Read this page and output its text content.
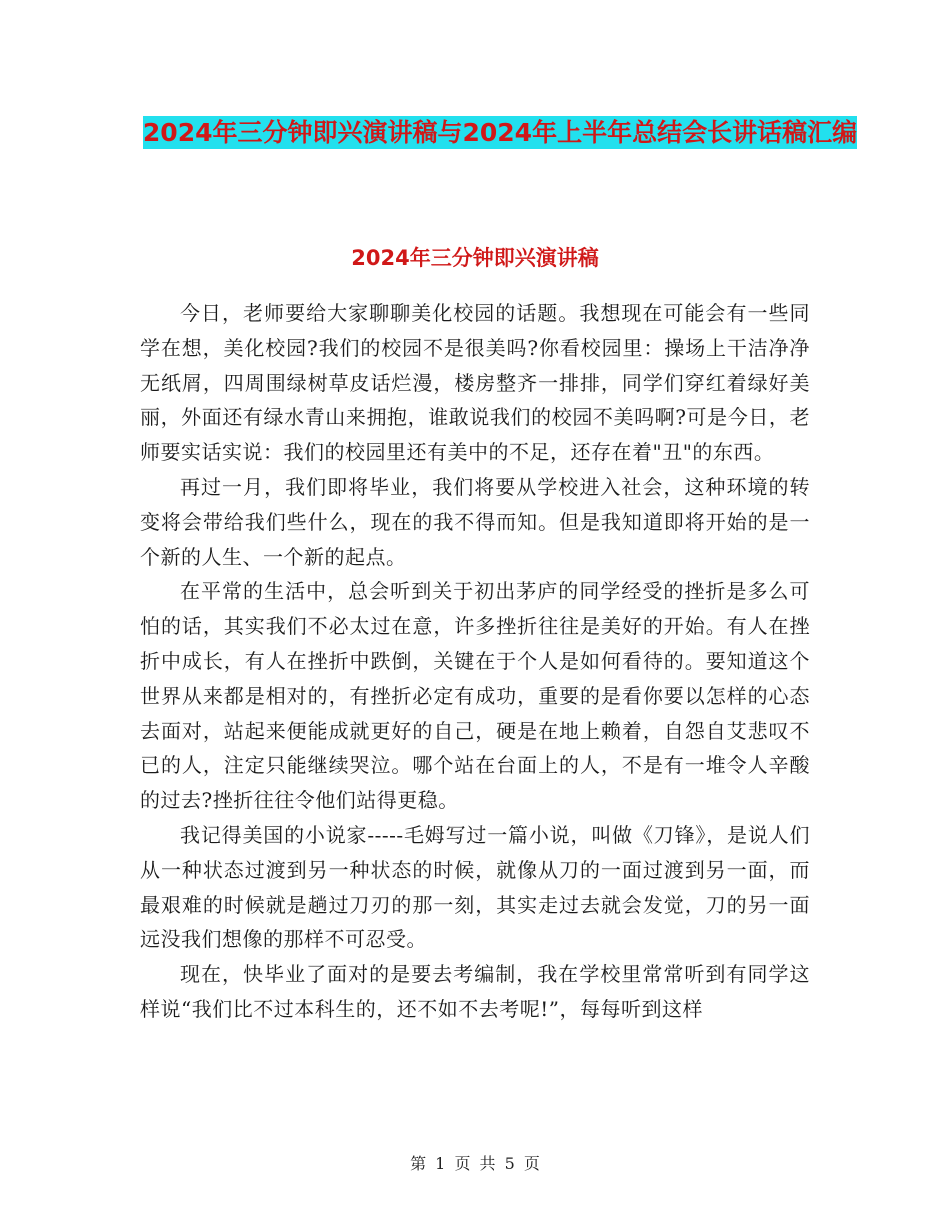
2024年三分钟即兴演讲稿与2024年上半年总结会长讲话稿汇编
2024年三分钟即兴演讲稿

今日，老师要给大家聊聊美化校园的话题。我想现在可能会有一些同学在想，美化校园?我们的校园不是很美吗?你看校园里：操场上干洁净净无纸屑，四周围绿树草皮话烂漫，楼房整齐一排排，同学们穿红着绿好美丽，外面还有绿水青山来拥抱，谁敢说我们的校园不美吗啊?可是今日，老师要实话实说：我们的校园里还有美中的不足，还存在着"丑"的东西。

再过一月，我们即将毕业，我们将要从学校进入社会，这种环境的转变将会带给我们些什么，现在的我不得而知。但是我知道即将开始的是一个新的人生、一个新的起点。

在平常的生活中，总会听到关于初出茅庐的同学经受的挫折是多么可怕的话，其实我们不必太过在意，许多挫折往往是美好的开始。有人在挫折中成长，有人在挫折中跌倒，关键在于个人是如何看待的。要知道这个世界从来都是相对的，有挫折必定有成功，重要的是看你要以怎样的心态去面对，站起来便能成就更好的自己，硬是在地上赖着，自怨自艾悲叹不已的人，注定只能继续哭泣。哪个站在台面上的人，不是有一堆令人辛酸的过去?挫折往往令他们站得更稳。

我记得美国的小说家-----毛姆写过一篇小说，叫做《刀锋》，是说人们从一种状态过渡到另一种状态的时候，就像从刀的一面过渡到另一面，而最艰难的时候就是趟过刀刃的那一刻，其实走过去就会发觉，刀的另一面远没我们想像的那样不可忍受。

现在，快毕业了面对的是要去考编制，我在学校里常常听到有同学这样说“我们比不过本科生的，还不如不去考呢!”，每每听到这样

第 1 页 共 5 页
